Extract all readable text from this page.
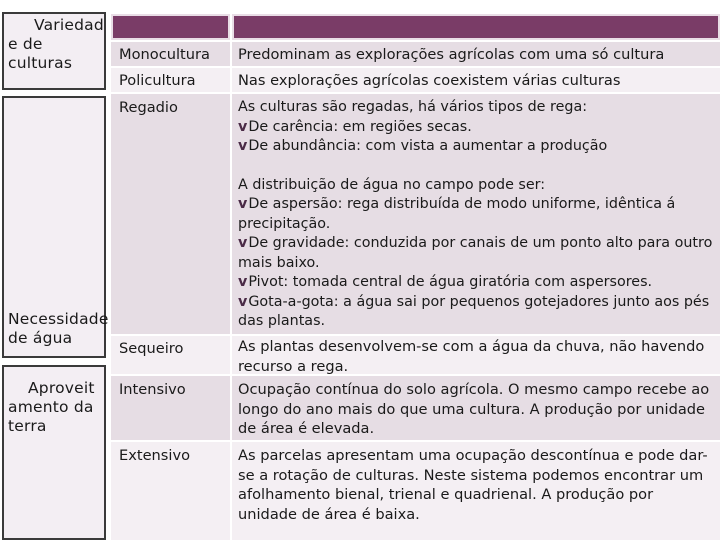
Variedad
e de
culturas
Necessidade
de água
Aproveit
amento da
terra
Monocultura	Predominam as explorações agrícolas com uma só cultura
Policultura	Nas explorações agrícolas coexistem várias culturas
Regadio	As culturas são regadas, há vários tipos de rega:
vDe carência: em regiões secas.
vDe abundância: com vista a aumentar a produção
A distribuição de água no campo pode ser:
vDe aspersão: rega distribuída de modo uniforme, idêntica á precipitação.
vDe gravidade: conduzida por canais de um ponto alto para outro mais baixo.
vPivot: tomada central de água giratória com aspersores.
vGota-a-gota: a água sai por pequenos gotejadores junto aos pés das plantas.
Sequeiro	As plantas desenvolvem-se com a água da chuva, não havendo recurso a rega.
Intensivo	Ocupação contínua do solo agrícola. O mesmo campo recebe ao longo do ano mais do que uma cultura. A produção por unidade de área é elevada.
Extensivo	As parcelas apresentam uma ocupação descontínua e pode dar-se a rotação de culturas. Neste sistema podemos encontrar um afolhamento bienal, trienal e quadrienal. A produção por unidade de área é baixa.
